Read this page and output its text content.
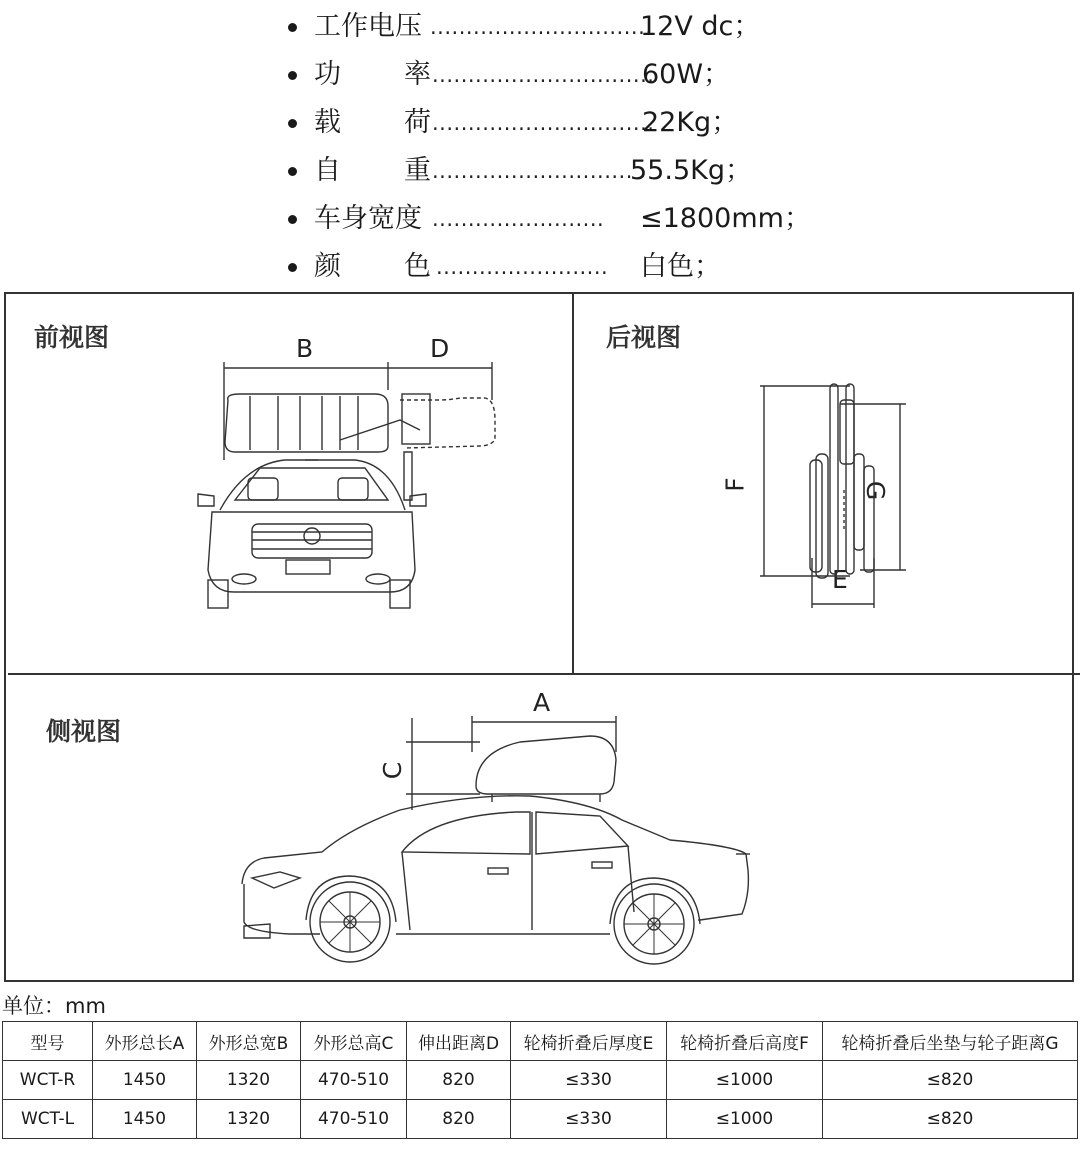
工作电压 ...............................
12V dc；
功 率 ...............................
60W；
载 荷 ...............................
22Kg；
自 重 ............................
55.5Kg；
车身宽度 ........................ ≤1800mm；
颜 色 ........................ 白色；
前视图	B	D	后视图
F	G
E
侧视图
A
C
单位：mm
型号	外形总长A	外形总宽B	外形总高C	伸出距离D	轮椅折叠后厚度E	轮椅折叠后高度F	轮椅折叠后坐垫与轮子距离G
WCT-R	1450	1320	470-510	820	≤330	≤1000	≤820
WCT-L	1450	1320	470-510	820	≤330	≤1000	≤820
